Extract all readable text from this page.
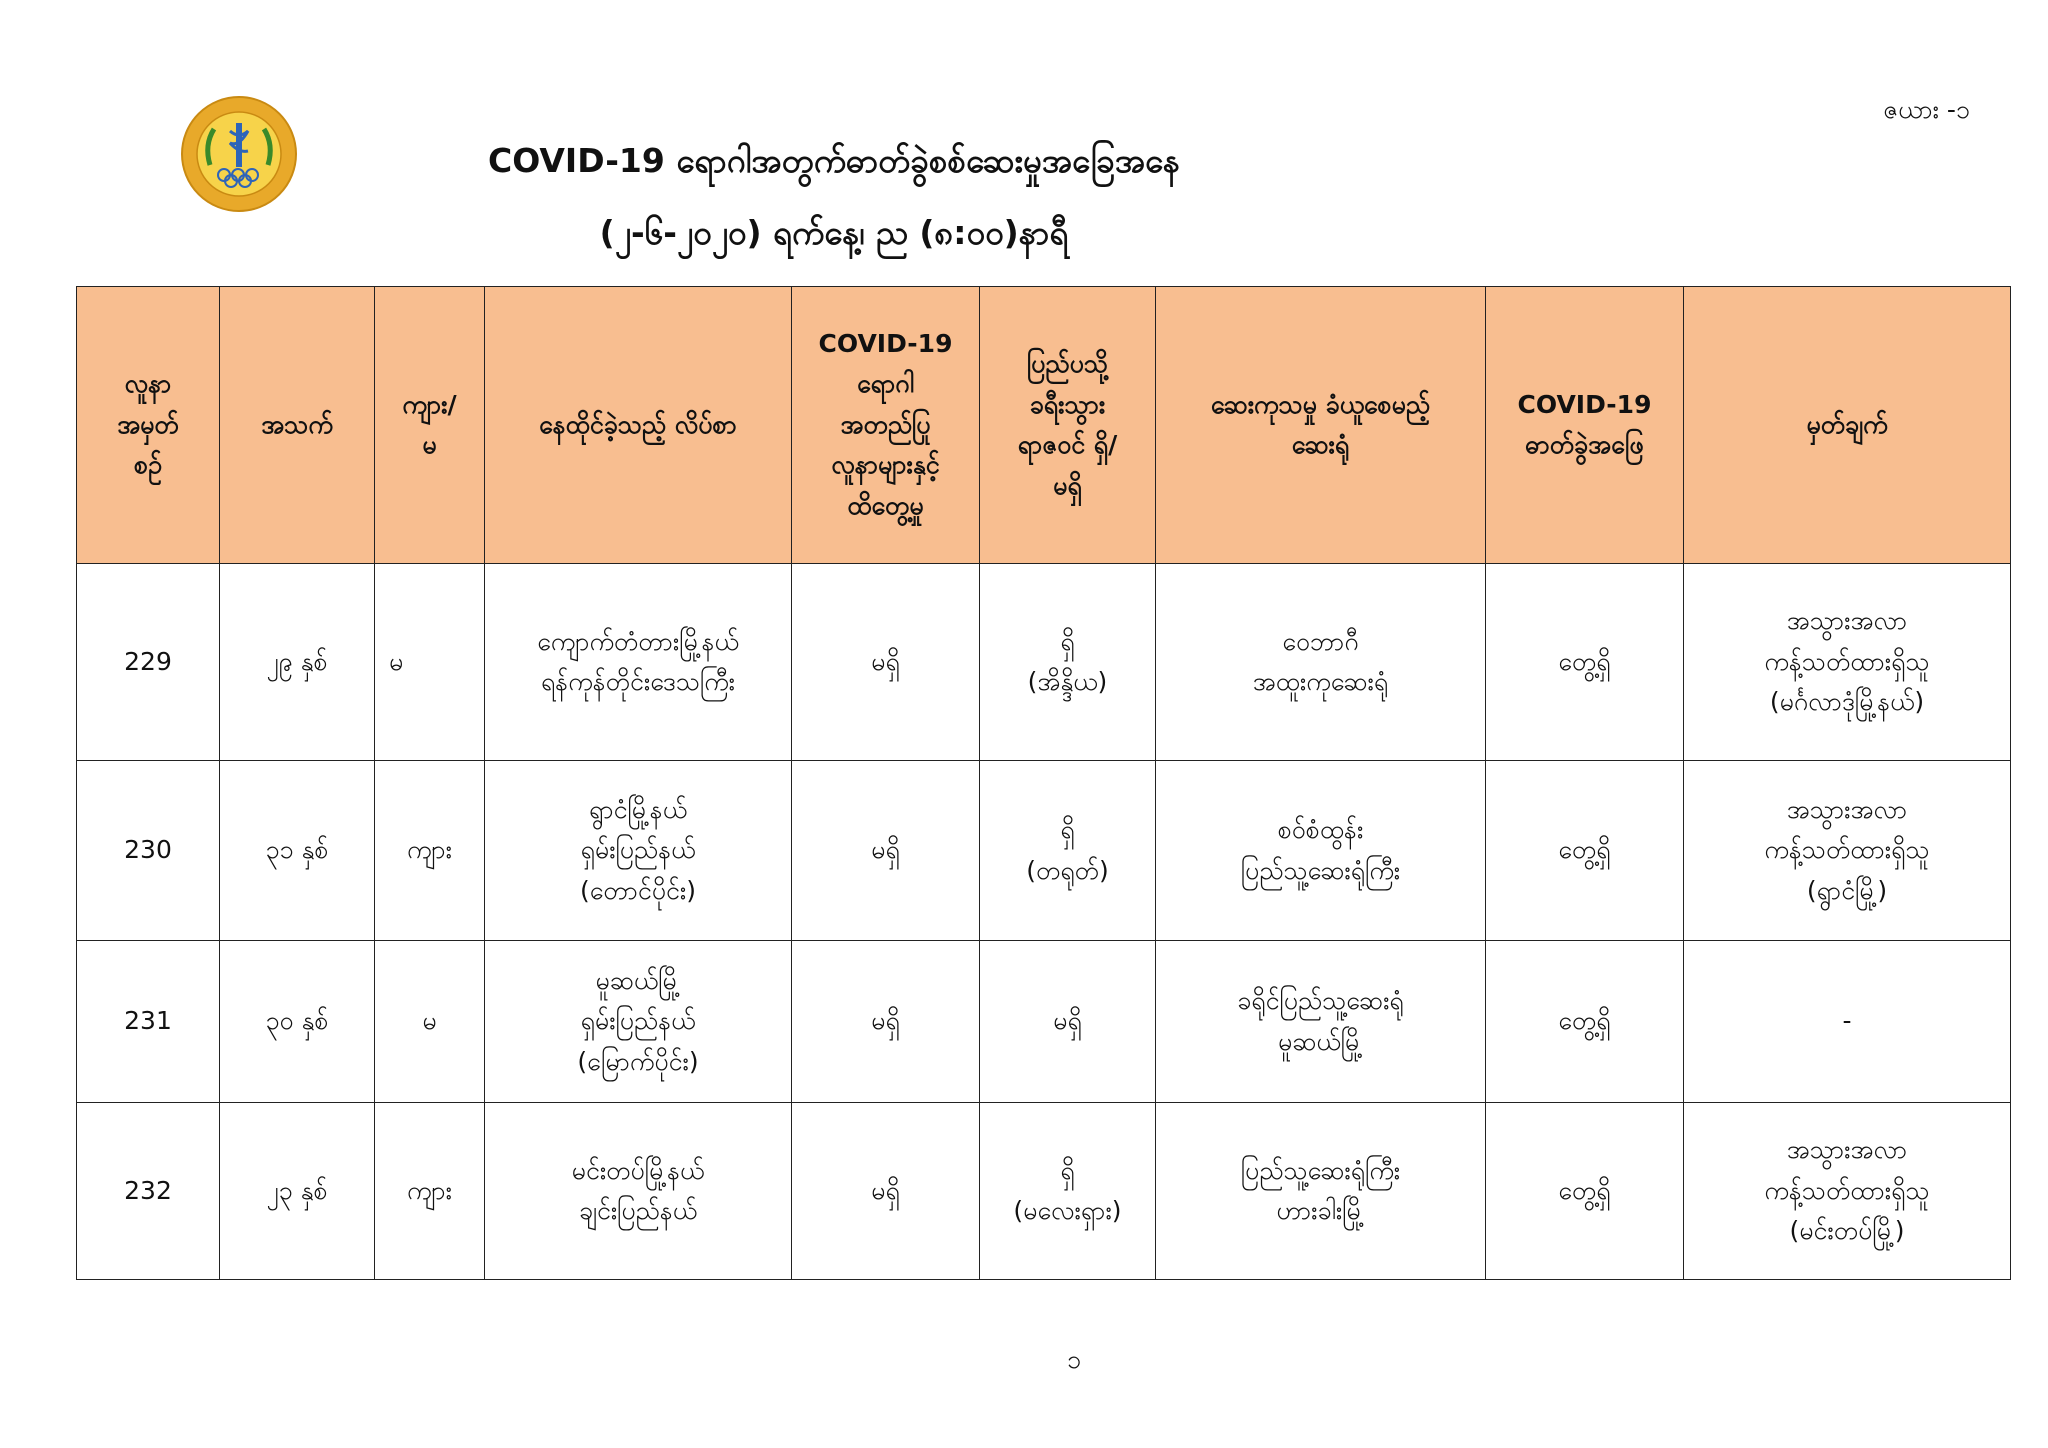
ဇယား -၁
COVID-19 ရောဂါအတွက်ဓာတ်ခွဲစစ်ဆေးမှုအခြေအနေ
(၂-၆-၂၀၂၀) ရက်နေ့၊ ည (၈:၀၀)နာရီ
လူနာ
အမှတ်
စဉ်	အသက်	ကျား/
မ	နေထိုင်ခဲ့သည့် လိပ်စာ	COVID-19
ရောဂါ
အတည်ပြု
လူနာများနှင့်
ထိတွေ့မှု	ပြည်ပသို့
ခရီးသွား
ရာဇဝင် ရှိ/
မရှိ	ဆေးကုသမှု ခံယူစေမည့်
ဆေးရုံ	COVID-19
ဓာတ်ခွဲအဖြေ	မှတ်ချက်

229	၂၉ နှစ်	မ	ကျောက်တံတားမြို့နယ်
ရန်ကုန်တိုင်းဒေသကြီး	မရှိ	ရှိ
(အိန္ဒိယ)	ဝေဘာဂီ
အထူးကုဆေးရုံ	တွေ့ရှိ	အသွားအလာ
ကန့်သတ်ထားရှိသူ
(မင်္ဂလာဒုံမြို့နယ်)

230	၃၁ နှစ်	ကျား	ရွာငံမြို့နယ်
ရှမ်းပြည်နယ်
(တောင်ပိုင်း)	မရှိ	ရှိ
(တရုတ်)	စဝ်စံထွန်း
ပြည်သူ့ဆေးရုံကြီး	တွေ့ရှိ	အသွားအလာ
ကန့်သတ်ထားရှိသူ
(ရွာငံမြို့)

231	၃၀ နှစ်	မ	မူဆယ်မြို့
ရှမ်းပြည်နယ်
(မြောက်ပိုင်း)	မရှိ	မရှိ	ခရိုင်ပြည်သူ့ဆေးရုံ
မူဆယ်မြို့	တွေ့ရှိ	-

232	၂၃ နှစ်	ကျား	မင်းတပ်မြို့နယ်
ချင်းပြည်နယ်	မရှိ	ရှိ
(မလေးရှား)	ပြည်သူ့ဆေးရုံကြီး
ဟားခါးမြို့	တွေ့ရှိ	အသွားအလာ
ကန့်သတ်ထားရှိသူ
(မင်းတပ်မြို့)
၁
